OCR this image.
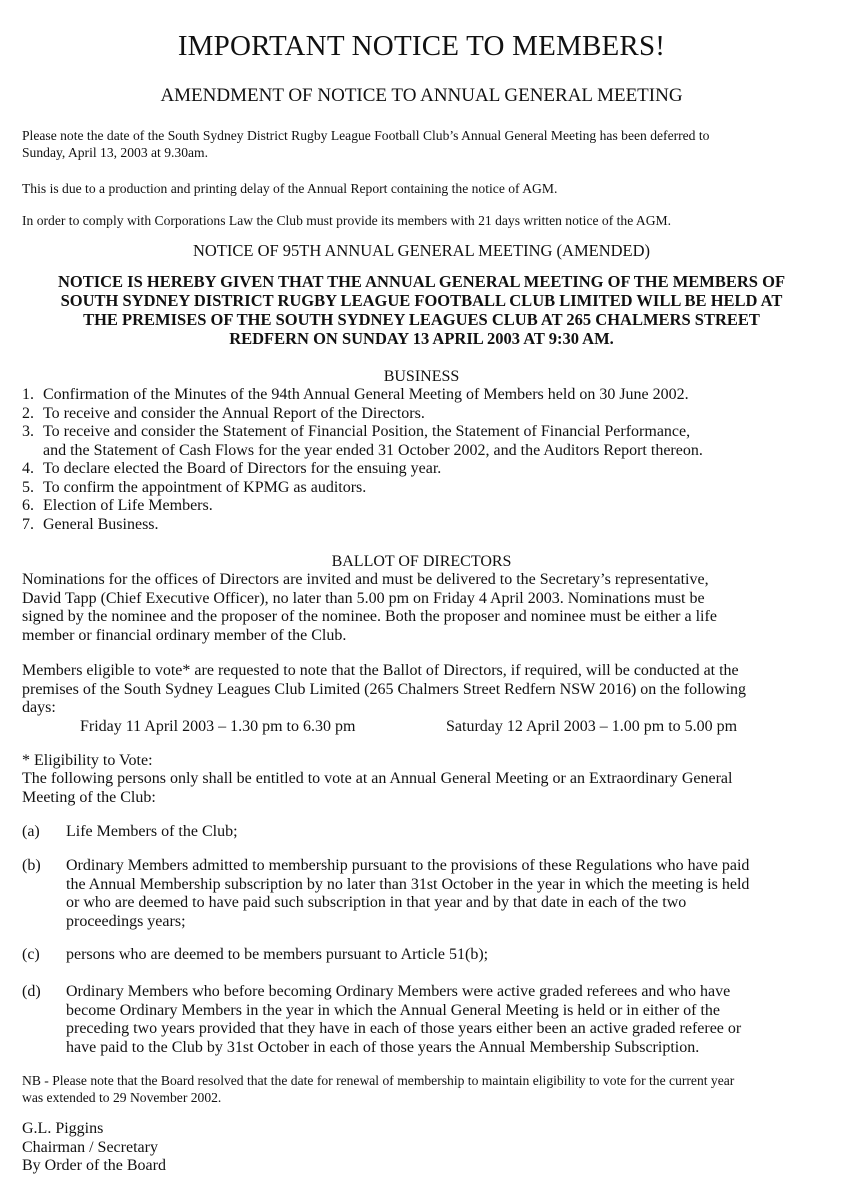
IMPORTANT NOTICE TO MEMBERS!
AMENDMENT OF NOTICE TO ANNUAL GENERAL MEETING
Please note the date of the South Sydney District Rugby League Football Club’s Annual General Meeting has been deferred to
Sunday, April 13, 2003 at 9.30am.
This is due to a production and printing delay of the Annual Report containing the notice of AGM.
In order to comply with Corporations Law the Club must provide its members with 21 days written notice of the AGM.
NOTICE OF 95TH ANNUAL GENERAL MEETING (AMENDED)
NOTICE IS HEREBY GIVEN THAT THE ANNUAL GENERAL MEETING OF THE MEMBERS OF
SOUTH SYDNEY DISTRICT RUGBY LEAGUE FOOTBALL CLUB LIMITED WILL BE HELD AT
THE PREMISES OF THE SOUTH SYDNEY LEAGUES CLUB AT 265 CHALMERS STREET
REDFERN ON SUNDAY 13 APRIL 2003 AT 9:30 AM.
BUSINESS
1. Confirmation of the Minutes of the 94th Annual General Meeting of Members held on 30 June 2002.
2. To receive and consider the Annual Report of the Directors.
3. To receive and consider the Statement of Financial Position, the Statement of Financial Performance,
and the Statement of Cash Flows for the year ended 31 October 2002, and the Auditors Report thereon.
4. To declare elected the Board of Directors for the ensuing year.
5. To confirm the appointment of KPMG as auditors.
6. Election of Life Members.
7. General Business.
BALLOT OF DIRECTORS
Nominations for the offices of Directors are invited and must be delivered to the Secretary’s representative,
David Tapp (Chief Executive Officer), no later than 5.00 pm on Friday 4 April 2003. Nominations must be
signed by the nominee and the proposer of the nominee. Both the proposer and nominee must be either a life
member or financial ordinary member of the Club.
Members eligible to vote* are requested to note that the Ballot of Directors, if required, will be conducted at the
premises of the South Sydney Leagues Club Limited (265 Chalmers Street Redfern NSW 2016) on the following
days:
Friday 11 April 2003 – 1.30 pm to 6.30 pm	Saturday 12 April 2003 – 1.00 pm to 5.00 pm
* Eligibility to Vote:
The following persons only shall be entitled to vote at an Annual General Meeting or an Extraordinary General
Meeting of the Club:
(a)	Life Members of the Club;
(b)	Ordinary Members admitted to membership pursuant to the provisions of these Regulations who have paid
the Annual Membership subscription by no later than 31st October in the year in which the meeting is held
or who are deemed to have paid such subscription in that year and by that date in each of the two
proceedings years;
(c)	persons who are deemed to be members pursuant to Article 51(b);
(d)	Ordinary Members who before becoming Ordinary Members were active graded referees and who have
become Ordinary Members in the year in which the Annual General Meeting is held or in either of the
preceding two years provided that they have in each of those years either been an active graded referee or
have paid to the Club by 31st October in each of those years the Annual Membership Subscription.
NB - Please note that the Board resolved that the date for renewal of membership to maintain eligibility to vote for the current year
was extended to 29 November 2002.
G.L. Piggins
Chairman / Secretary
By Order of the Board
